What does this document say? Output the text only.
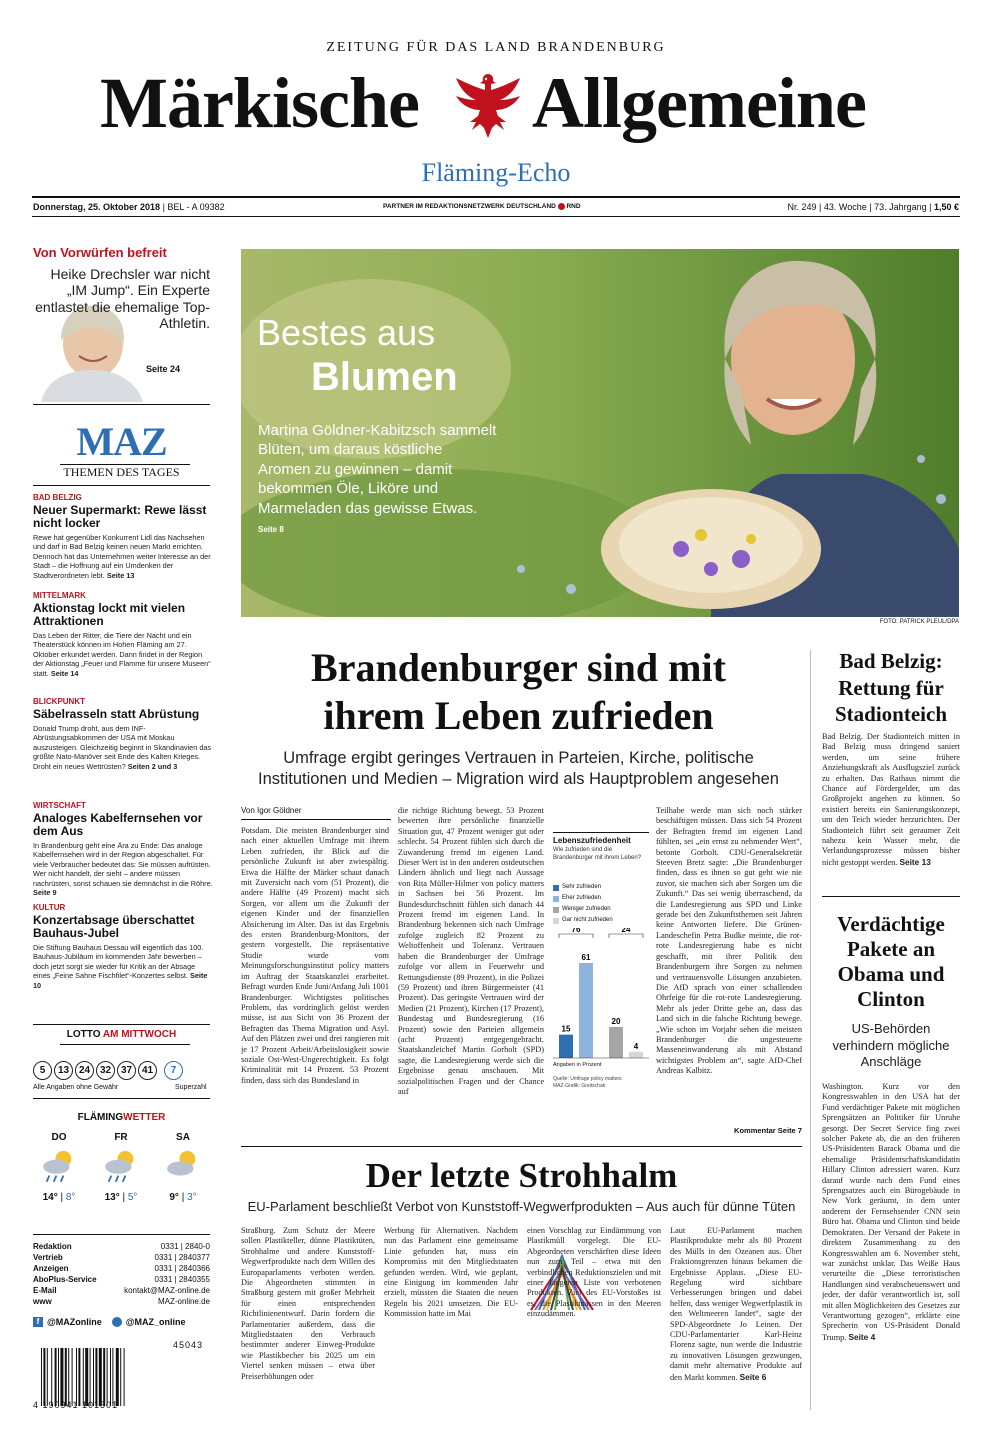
ZEITUNG FÜR DAS LAND BRANDENBURG
Märkische Allgemeine
Fläming-Echo
Donnerstag, 25. Oktober 2018 | BEL - A 09382	PARTNER IM REDAKTIONSNETZWERK DEUTSCHLAND RND	Nr. 249 | 43. Woche | 73. Jahrgang | 1,50 €
Von Vorwürfen befreit
Heike Drechsler war nicht „IM Jump“. Ein Experte entlastet die ehemalige Top-Athletin.
Seite 24
MAZ
THEMEN DES TAGES
BAD BELZIG
Neuer Supermarkt: Rewe lässt nicht locker
Rewe hat gegenüber Konkurrent Lidl das Nachsehen und darf in Bad Belzig keinen neuen Markt errichten. Dennoch hat das Unternehmen weiter Interesse an der Stadt – die Hoffnung auf ein Umdenken der Stadtverordneten lebt. Seite 13
MITTELMARK
Aktionstag lockt mit vielen Attraktionen
Das Leben der Ritter, die Tiere der Nacht und ein Theaterstück können im Hohen Fläming am 27. Oktober erkundet werden. Dann findet in der Region der Aktionstag „Feuer und Flamme für unsere Museen“ statt. Seite 14
BLICKPUNKT
Säbelrasseln statt Abrüstung
Donald Trump droht, aus dem INF-Abrüstungsabkommen der USA mit Moskau auszusteigen. Gleichzeitig beginnt in Skandinavien das größte Nato-Manöver seit Ende des Kalten Krieges. Droht ein neues Wettrüsten? Seiten 2 und 3
WIRTSCHAFT
Analoges Kabelfernsehen vor dem Aus
In Brandenburg geht eine Ära zu Ende: Das analoge Kabelfernsehen wird in der Region abgeschaltet. Für viele Verbraucher bedeutet das: Sie müssen aufrüsten. Wer nicht handelt, der sieht – andere müssen nachrüsten, sonst schauen sie demnächst in die Röhre. Seite 9
KULTUR
Konzertabsage überschattet Bauhaus-Jubel
Die Stiftung Bauhaus Dessau will eigentlich das 100. Bauhaus-Jubiläum im kommenden Jahr bewerben – doch jetzt sorgt sie wieder für Kritik an der Absage eines „Feine Sahne Fischfilet“-Konzertes selbst. Seite 10
LOTTO AM MITTWOCH
5	13 24 32 37 41	7
Alle Angaben ohne Gewähr	Superzahl
FLÄMINGWETTER
DO
14° | 8°
FR
13° | 5°
SA
9° | 3°
Redaktion	0331 | 2840-0
Vertrieb	0331 | 2840377
Anzeigen	0331 | 2840366
AboPlus-Service	0331 | 2840355
E-Mail	kontakt@MAZ-online.de
www	MAZ-online.de
f @MAZonline	@MAZ_online
45043
4 190941 101501
Bestes aus
Blumen
Martina Göldner-Kabitzsch sammelt Blüten, um daraus köstliche Aromen zu gewinnen – damit bekommen Öle, Liköre und Marmeladen das gewisse Etwas. Seite 8
FOTO: PATRICK PLEUL/DPA
Brandenburger sind mit ihrem Leben zufrieden
Umfrage ergibt geringes Vertrauen in Parteien, Kirche, politische Institutionen und Medien – Migration wird als Hauptproblem angesehen
Von Igor Göldner
Potsdam. Die meisten Brandenburger sind nach einer aktuellen Umfrage mit ihrem Leben zufrieden, ihr Blick auf die persönliche Zukunft ist aber zwiespältig. Etwa die Hälfte der Märker schaut danach mit Zuversicht nach vorn (51 Prozent), die andere Hälfte (49 Prozent) macht sich Sorgen, vor allem um die Zukunft der eigenen Kinder und der finanziellen Absicherung im Alter. Das ist das Ergebnis des ersten Brandenburg-Monitors, der gestern vorgestellt. Die repräsentative Studie wurde vom Meinungsforschungsinstitut policy matters im Auftrag der Staatskanzlei erarbeitet. Befragt wurden Ende Juni/Anfang Juli 1001 Brandenburger. Wichtigstes politisches Problem, das vordringlich gelöst werden müsse, ist aus Sicht von 36 Prozent der Befragten das Thema Migration und Asyl. Auf den Plätzen zwei und drei rangieren mit je 17 Prozent Arbeit/Arbeitslosigkeit sowie soziale Ost-West-Ungerechtigkeit. Es folgt Kriminalität mit 14 Prozent. 53 Prozent finden, dass sich das Bundesland in
die richtige Richtung bewegt. 53 Prozent bewerten ihre persönliche finanzielle Situation gut, 47 Prozent weniger gut oder schlecht. 54 Prozent fühlen sich durch die Zuwanderung fremd im eigenen Land. Dieser Wert ist in den anderen ostdeutschen Ländern ähnlich und liegt nach Aussage von Rita Müller-Hilmer von policy matters in Sachsen bei 56 Prozent. Im Bundesdurchschnitt fühlen sich danach 44 Prozent fremd im eigenen Land. In Brandenburg bekennen sich nach Umfrage zufolge zugleich 82 Prozent zu Weltoffenheit und Toleranz. Vertrauen haben die Brandenburger der Umfrage zufolge vor allem in Feuerwehr und Rettungsdienste (89 Prozent), in die Polizei (59 Prozent) und ihren Bürgermeister (41 Prozent). Das geringste Vertrauen wird der Medien (21 Prozent), Kirchen (17 Prozent), Bundestag und Bundesregierung (16 Prozent) sowie den Parteien allgemein (acht Prozent) entgegengebracht. Staatskanzleichef Martin Gorholt (SPD) sagte, die Landesregierung werde sich die Ergebnisse genau anschauen. Mit sozialpolitischen Fragen und der Chance auf
Lebenszufriedenheit
Wie zufrieden sind die Brandenburger mit ihrem Leben?
Sehr zufrieden
Eher zufrieden
Weniger zufrieden
Gar nicht zufrieden
15
61
20
4
76	24
Angaben in Prozent
Quelle: Umfrage policy matters
MAZ-Grafik: Greitschak
Teilhabe werde man sich noch stärker beschäftigen müssen. Dass sich 54 Prozent der Befragten fremd im eigenen Land fühlten, sei „ein ernst zu nehmender Wert“, betonte Gorholt. CDU-Generalsekretär Steeven Bretz sagte: „Die Brandenburger finden, dass es ihnen so gut geht wie nie zuvor, sie machen sich aber Sorgen um die Zukunft.“ Das sei wenig überraschend, da die Landesregierung aus SPD und Linke gerade bei den Zukunftsthemen seit Jahren keine Antworten liefere. Die Grünen-Landeschefin Petra Budke meinte, die rot-rote Landesregierung habe es nicht geschafft, mit ihrer Politik den Brandenburgern ihre Sorgen zu nehmen und vertrauensvolle Lösungen anzubieten. Die AfD sprach von einer schallenden Ohrfeige für die rot-rote Landesregierung. Mehr als jeder Dritte gebe an, dass das Land sich in die falsche Richtung bewege. „Wie schon im Vorjahr sehen die meisten Brandenburger die ungesteuerte Masseneinwanderung als mit Abstand wichtigstes Problem an“, sagte AfD-Chef Andreas Kalbitz.
Kommentar Seite 7
Der letzte Strohhalm
EU-Parlament beschließt Verbot von Kunststoff-Wegwerfprodukten – Aus auch für dünne Tüten
Straßburg. Zum Schutz der Meere sollen Plastikteller, dünne Plastiktüten, Strohhalme und andere Kunststoff-Wegwerfprodukte nach dem Willen des Europaparlaments verboten werden. Die Abgeordneten stimmten in Straßburg gestern mit großer Mehrheit für einen entsprechenden Richtlinienentwurf. Darin fordern die Parlamentarier außerdem, dass die Mitgliedstaaten den Verbrauch bestimmter anderer Einweg-Produkte wie Plastikbecher bis 2025 um ein Viertel senken müssen – etwa über Preiserhöhungen oder
Werbung für Alternativen. Nachdem nun das Parlament eine gemeinsame Linie gefunden hat, muss ein Kompromiss mit den Mitgliedstaaten gefunden werden. Wird, wie geplant, eine Einigung im kommenden Jahr erzielt, müssten die Staaten die neuen Regeln bis 2021 umsetzen. Die EU-Kommission hatte im Mai
einen Vorschlag zur Eindämmung von Plastikmüll vorgelegt. Die EU-Abgeordneten verschärften diese Ideen nun zum Teil – etwa mit den verbindlichen Reduktionszielen und mit einer längeren Liste von verbotenen Produkten. Ziel des EU-Vorstoßes ist es, die Plastikmassen in den Meeren einzudämmen.
Laut EU-Parlament machen Plastikprodukte mehr als 80 Prozent des Mülls in den Ozeanen aus. Über Fraktionsgrenzen hinaus bekamen die Ergebnisse Applaus. „Diese EU-Regelung wird sichtbare Verbesserungen bringen und dabei helfen, dass weniger Wegwerfplastik in den Weltmeeren landet“, sagte der SPD-Abgeordnete Jo Leinen. Der CDU-Parlamentarier Karl-Heinz Florenz sagte, nun werde die Industrie zu innovativen Lösungen gezwungen, damit mehr alternative Produkte auf den Markt kommen. Seite 6
Bad Belzig: Rettung für Stadionteich
Bad Belzig. Der Stadionteich mitten in Bad Belzig muss dringend saniert werden, um seine frühere Anziehungskraft als Ausflugsziel zurück zu erhalten. Das Rathaus nimmt die Chance auf Fördergelder, um das Großprojekt angehen zu können. So existiert bereits ein Sanierungskonzept, um den Teich wieder herzurichten. Der Stadionteich führt seit geraumer Zeit nahezu kein Wasser mehr, die Verlandungsprozesse müssen bisher nicht gestoppt werden. Seite 13
Verdächtige Pakete an Obama und Clinton
US-Behörden verhindern mögliche Anschläge
Washington. Kurz vor den Kongresswahlen in den USA hat der Fund verdächtiger Pakete mit möglichen Sprengsätzen an Politiker für Unruhe gesorgt. Der Secret Service fing zwei solcher Pakete ab, die an den früheren US-Präsidenten Barack Obama und die ehemalige Präsidentschaftskandidatin Hillary Clinton adressiert waren. Kurz darauf wurde nach dem Fund eines Sprengsatzes auch ein Bürogebäude in New York geräumt, in dem unter anderem der Fernsehsender CNN sein Büro hat. Obama und Clinton sind beide Demokraten. Der Versand der Pakete in direktem Zusammenhang zu den Kongresswahlen am 6. November steht, war zunächst unklar. Das Weiße Haus verurteilte die „Diese terroristischen Handlungen sind verabscheuenswert und jeder, der dafür verantwortlich ist, soll mit allen Möglichkeiten des Gesetzes zur Verantwortung gezogen“, erklärte eine Sprecherin von US-Präsident Donald Trump. Seite 4
